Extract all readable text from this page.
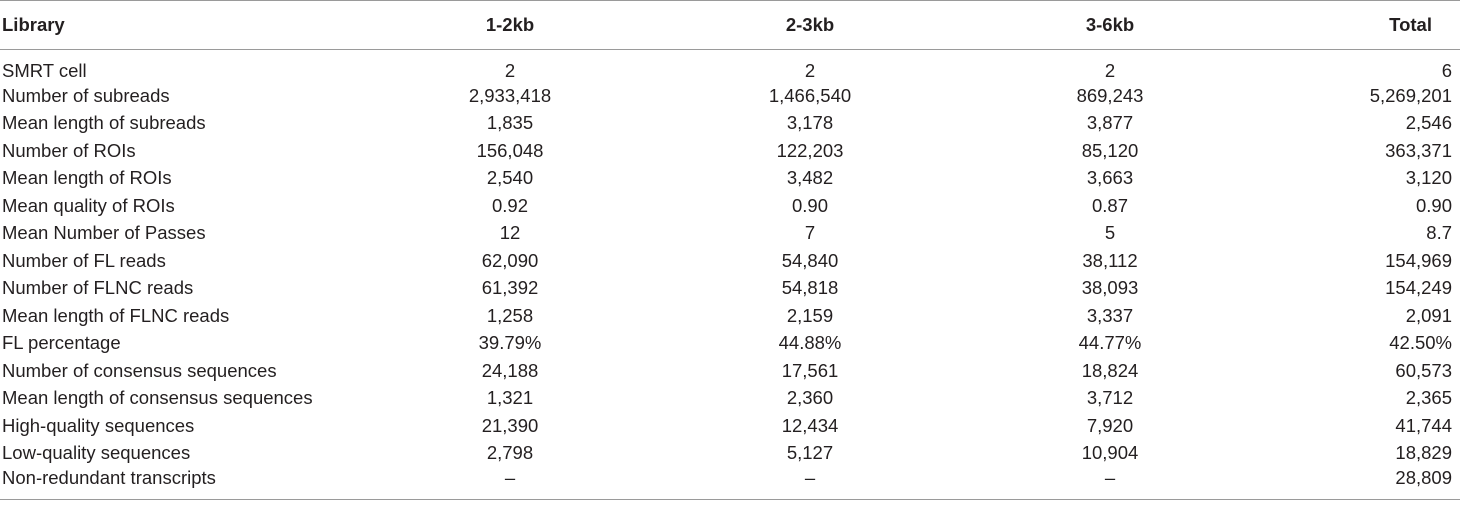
Library	1-2kb	2-3kb	3-6kb	Total
SMRT cell	2	2	2	6
Number of subreads	2,933,418	1,466,540	869,243	5,269,201
Mean length of subreads	1,835	3,178	3,877	2,546
Number of ROIs	156,048	122,203	85,120	363,371
Mean length of ROIs	2,540	3,482	3,663	3,120
Mean quality of ROIs	0.92	0.90	0.87	0.90
Mean Number of Passes	12	7	5	8.7
Number of FL reads	62,090	54,840	38,112	154,969
Number of FLNC reads	61,392	54,818	38,093	154,249
Mean length of FLNC reads	1,258	2,159	3,337	2,091
FL percentage	39.79%	44.88%	44.77%	42.50%
Number of consensus sequences	24,188	17,561	18,824	60,573
Mean length of consensus sequences	1,321	2,360	3,712	2,365
High-quality sequences	21,390	12,434	7,920	41,744
Low-quality sequences	2,798	5,127	10,904	18,829
Non-redundant transcripts	–	–	–	28,809
